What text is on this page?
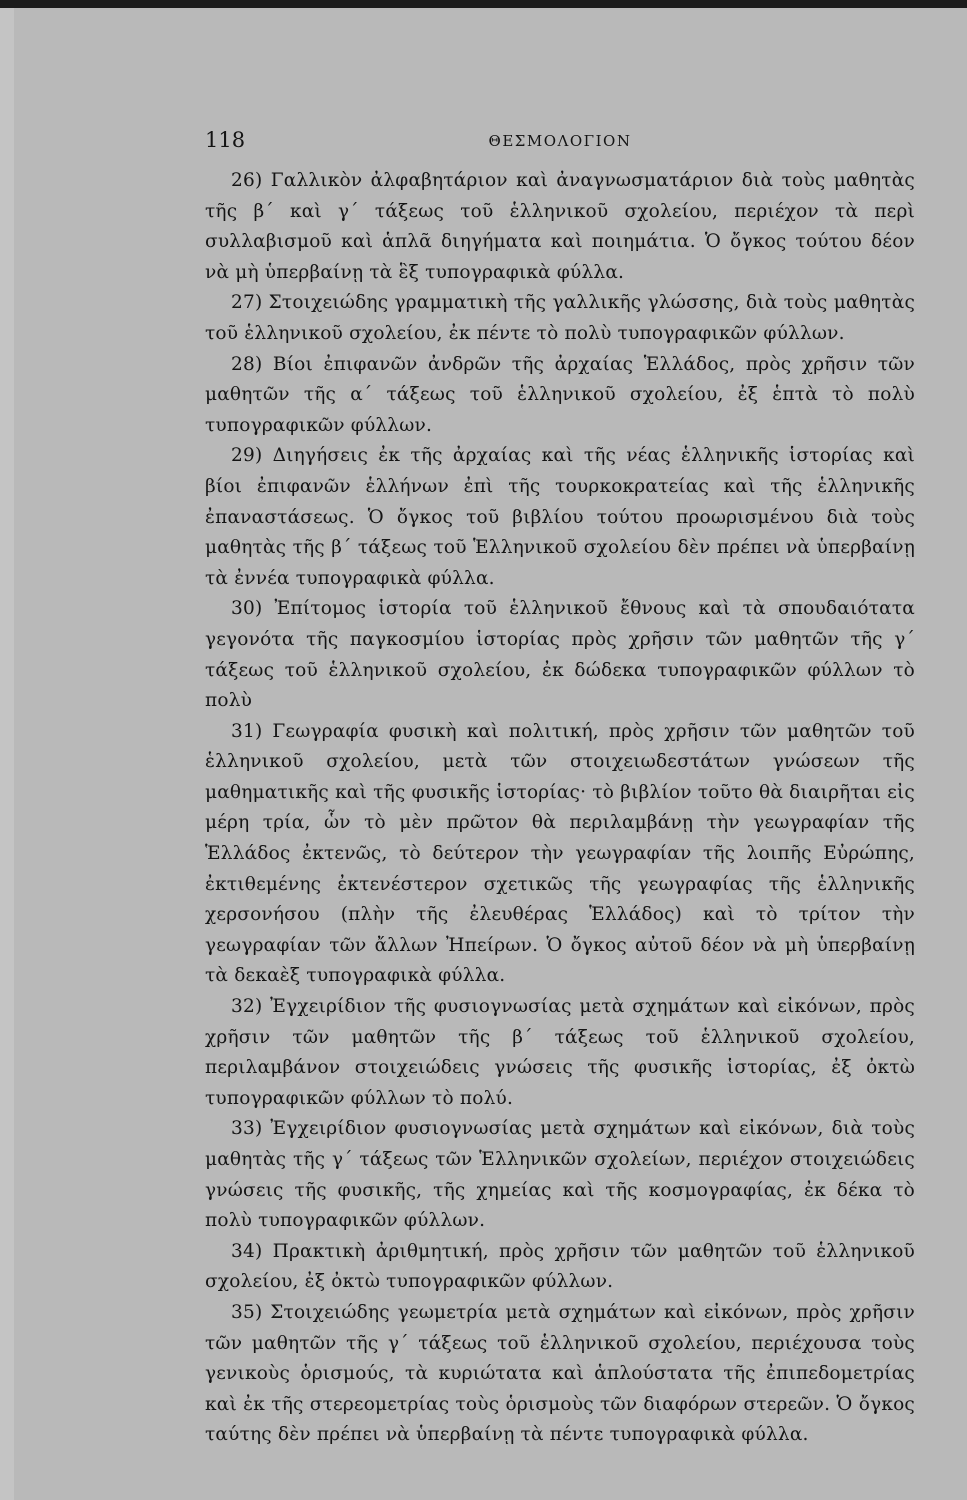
118	ΘΕΣΜΟΛΟΓΙΟΝ

26) Γαλλικὸν ἀλφαβητάριον καὶ ἀναγνωσματάριον διὰ τοὺς μαθητὰς τῆς β΄ καὶ γ΄ τάξεως τοῦ ἑλληνικοῦ σχολείου, περιέχον τὰ περὶ συλλαβισμοῦ καὶ ἁπλᾶ διηγήματα καὶ ποιημάτια. Ὁ ὄγκος τούτου δέον νὰ μὴ ὑπερβαίνῃ τὰ ἓξ τυπογραφικὰ φύλλα.

27) Στοιχειώδης γραμματικὴ τῆς γαλλικῆς γλώσσης, διὰ τοὺς μαθητὰς τοῦ ἑλληνικοῦ σχολείου, ἐκ πέντε τὸ πολὺ τυπογραφικῶν φύλλων.

28) Βίοι ἐπιφανῶν ἀνδρῶν τῆς ἀρχαίας Ἑλλάδος, πρὸς χρῆσιν τῶν μαθητῶν τῆς α΄ τάξεως τοῦ ἑλληνικοῦ σχολείου, ἐξ ἑπτὰ τὸ πολὺ τυπογραφικῶν φύλλων.

29) Διηγήσεις ἐκ τῆς ἀρχαίας καὶ τῆς νέας ἑλληνικῆς ἱστορίας καὶ βίοι ἐπιφανῶν ἑλλήνων ἐπὶ τῆς τουρκοκρατείας καὶ τῆς ἑλληνικῆς ἐπαναστάσεως. Ὁ ὄγκος τοῦ βιβλίου τούτου προωρισμένου διὰ τοὺς μαθητὰς τῆς β΄ τάξεως τοῦ Ἑλληνικοῦ σχολείου δὲν πρέπει νὰ ὑπερβαίνῃ τὰ ἐννέα τυπογραφικὰ φύλλα.

30) Ἐπίτομος ἱστορία τοῦ ἑλληνικοῦ ἔθνους καὶ τὰ σπουδαιότατα γεγονότα τῆς παγκοσμίου ἱστορίας πρὸς χρῆσιν τῶν μαθητῶν τῆς γ΄ τάξεως τοῦ ἑλληνικοῦ σχολείου, ἐκ δώδεκα τυπογραφικῶν φύλλων τὸ πολὺ

31) Γεωγραφία φυσικὴ καὶ πολιτική, πρὸς χρῆσιν τῶν μαθητῶν τοῦ ἑλληνικοῦ σχολείου, μετὰ τῶν στοιχειωδεστάτων γνώσεων τῆς μαθηματικῆς καὶ τῆς φυσικῆς ἱστορίας· τὸ βιβλίον τοῦτο θὰ διαιρῆται εἰς μέρη τρία, ὧν τὸ μὲν πρῶτον θὰ περιλαμβάνῃ τὴν γεωγραφίαν τῆς Ἑλλάδος ἐκτενῶς, τὸ δεύτερον τὴν γεωγραφίαν τῆς λοιπῆς Εὐρώπης, ἐκτιθεμένης ἐκτενέστερον σχετικῶς τῆς γεωγραφίας τῆς ἑλληνικῆς χερσονήσου (πλὴν τῆς ἐλευθέρας Ἑλλάδος) καὶ τὸ τρίτον τὴν γεωγραφίαν τῶν ἄλλων Ἠπείρων. Ὁ ὄγκος αὐτοῦ δέον νὰ μὴ ὑπερβαίνῃ τὰ δεκαὲξ τυπογραφικὰ φύλλα.

32) Ἐγχειρίδιον τῆς φυσιογνωσίας μετὰ σχημάτων καὶ εἰκόνων, πρὸς χρῆσιν τῶν μαθητῶν τῆς β΄ τάξεως τοῦ ἑλληνικοῦ σχολείου, περιλαμβάνον στοιχειώδεις γνώσεις τῆς φυσικῆς ἱστορίας, ἐξ ὀκτὼ τυπογραφικῶν φύλλων τὸ πολύ.

33) Ἐγχειρίδιον φυσιογνωσίας μετὰ σχημάτων καὶ εἰκόνων, διὰ τοὺς μαθητὰς τῆς γ΄ τάξεως τῶν Ἑλληνικῶν σχολείων, περιέχον στοιχειώδεις γνώσεις τῆς φυσικῆς, τῆς χημείας καὶ τῆς κοσμογραφίας, ἐκ δέκα τὸ πολὺ τυπογραφικῶν φύλλων.

34) Πρακτικὴ ἀριθμητική, πρὸς χρῆσιν τῶν μαθητῶν τοῦ ἑλληνικοῦ σχολείου, ἐξ ὀκτὼ τυπογραφικῶν φύλλων.

35) Στοιχειώδης γεωμετρία μετὰ σχημάτων καὶ εἰκόνων, πρὸς χρῆσιν τῶν μαθητῶν τῆς γ΄ τάξεως τοῦ ἑλληνικοῦ σχολείου, περιέχουσα τοὺς γενικοὺς ὁρισμούς, τὰ κυριώτατα καὶ ἁπλούστατα τῆς ἐπιπεδομετρίας καὶ ἐκ τῆς στερεομετρίας τοὺς ὁρισμοὺς τῶν διαφόρων στερεῶν. Ὁ ὄγκος ταύτης δὲν πρέπει νὰ ὑπερβαίνῃ τὰ πέντε τυπογραφικὰ φύλλα.
